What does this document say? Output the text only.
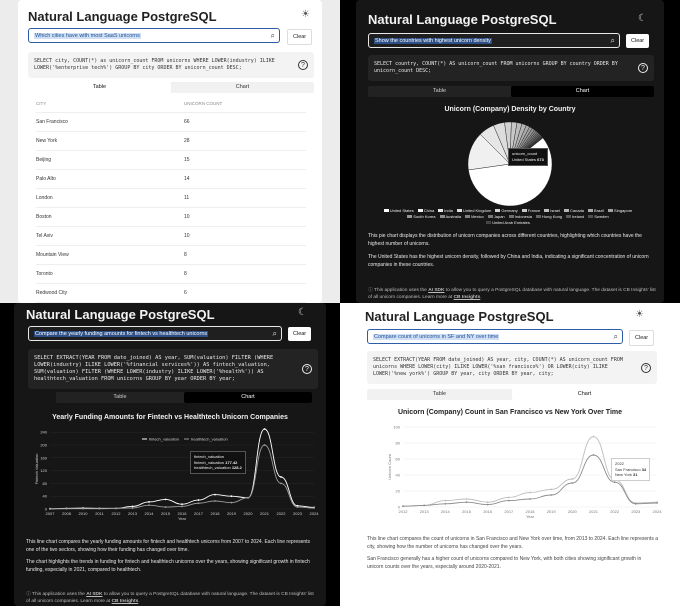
Natural Language PostgreSQL	☀
Which cities have with most SaaS unicorns	⌕	Clear
SELECT city, COUNT(*) as unicorn_count FROM unicorns WHERE LOWER(industry) ILIKE LOWER('%enterprise tech%') GROUP BY city ORDER BY unicorn_count DESC;	?
Table	Chart
CITY	UNICORN COUNT
San Francisco	66
New York	28
Beijing	15
Palo Alto	14
London	11
Boston	10
Tel Aviv	10
Mountain View	8
Toronto	8
Redwood City	6

Natural Language PostgreSQL	☾
Show the countries with highest unicorn density	⌕	Clear
SELECT country, COUNT(*) AS unicorn_count FROM unicorns GROUP BY country ORDER BY unicorn_count DESC;	?
Table	Chart
Unicorn (Company) Density by Country
unicorn_count
United States 673
United States	China	India	United Kingdom	Germany	France	Israel	Canada	Brazil	Singapore
South Korea	Australia	Mexico	Japan	Indonesia	Hong Kong	Ireland	Sweden
United Arab Emirates

This pie chart displays the distribution of unicorn companies across different countries, highlighting which countries have the highest number of unicorns.

The United States has the highest unicorn density, followed by China and India, indicating a significant concentration of unicorn companies in these countries.

ⓘ This application uses the AI SDK to allow you to query a PostgreSQL database with natural language. The dataset is CB Insights' list of all unicorn companies. Learn more at CB Insights.
Natural Language PostgreSQL	☾
Compare the yearly funding amounts for fintech vs healthtech unicorns	⌕	Clear
SELECT EXTRACT(YEAR FROM date_joined) AS year, SUM(valuation) FILTER (WHERE LOWER(industry) ILIKE LOWER('%financial services%')) AS fintech_valuation, SUM(valuation) FILTER (WHERE LOWER(industry) ILIKE LOWER('%health%')) AS healthtech_valuation FROM unicorns GROUP BY year ORDER BY year;
?
Table	Chart
Yearly Funding Amounts for Fintech vs Healthtech Unicorn Companies
0
40
80
120
160
200
240
2007 2008 2010 2011 2012 2013 2014 2015 2016 2017 2018 2019 2020 2021 2022 2023 2024
Fintech Valuation
Year
fintech_valuation	healthtech_valuation
fintech_valuation
fintech_valuation 177.42
healthtech_valuation 128.2

This line chart compares the yearly funding amounts for fintech and healthtech unicorns from 2007 to 2024. Each line represents one of the two sectors, showing how their funding has changed over time.

The chart highlights the trends in funding for fintech and healthtech unicorns over the years, showing significant growth in fintech funding, especially in 2021, compared to healthtech.

ⓘ This application uses the AI SDK to allow you to query a PostgreSQL database with natural language. The dataset is CB Insights' list of all unicorn companies. Learn more at CB Insights.
Natural Language PostgreSQL	☀
Compare count of unicorns in SF and NY over time	⌕	Clear
SELECT EXTRACT(YEAR FROM date_joined) AS year, city, COUNT(*) AS unicorn_count FROM unicorns WHERE LOWER(city) ILIKE LOWER('%san francisco%') OR LOWER(city) ILIKE LOWER('%new york%') GROUP BY year, city ORDER BY year, city;
?
Table	Chart
Unicorn (Company) Count in San Francisco vs New York Over Time
0
20
40
60
80
100
2012	2013	2014	2015	2016	2017	2018	2019	2020	2021	2022	2023	2024
Unicorn Count
Year
2022
San Francisco 34
New York 31

This line chart compares the count of unicorns in San Francisco and New York over time, from 2013 to 2024. Each line represents a city, showing how the number of unicorns has changed over the years.

San Francisco generally has a higher count of unicorns compared to New York, with both cities showing significant growth in unicorn counts over the years, especially around 2020-2021.
